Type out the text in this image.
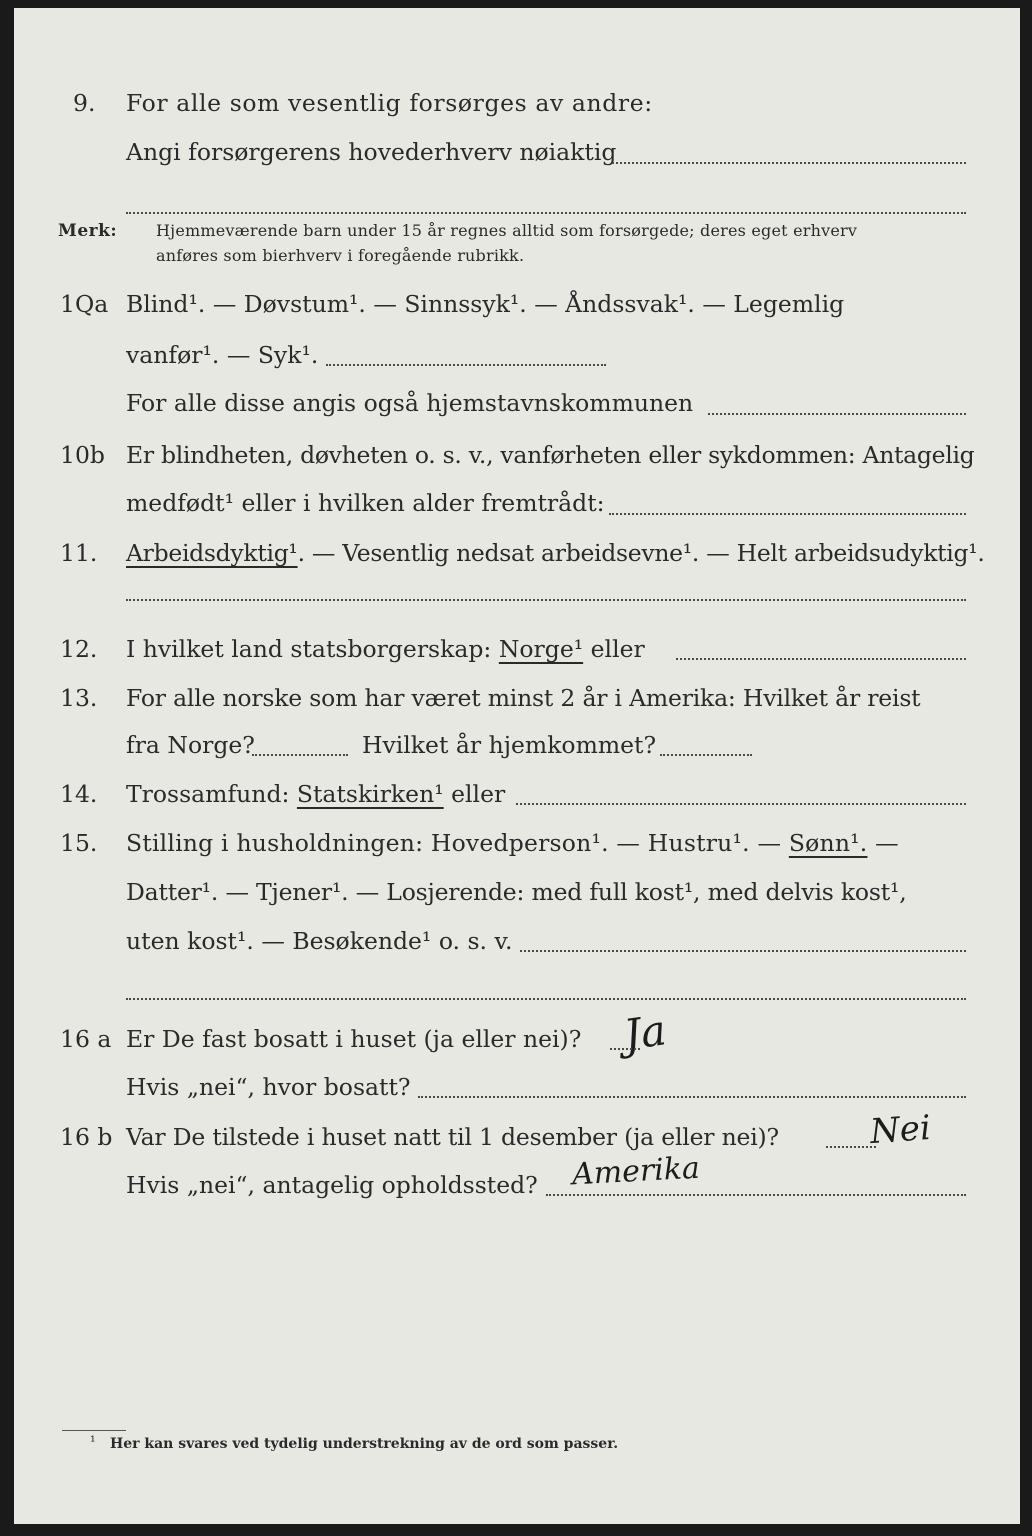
9. For alle som vesentlig forsørges av andre:
Angi forsørgerens hovederhverv nøiaktig
Merk: Hjemmeværende barn under 15 år regnes alltid som forsørgede; deres eget erhverv
anføres som bierhverv i foregående rubrikk.
1Qa Blind¹. — Døvstum¹. — Sinnssyk¹. — Åndssvak¹. — Legemlig
vanfør¹. — Syk¹.
For alle disse angis også hjemstavnskommunen
10b Er blindheten, døvheten o. s. v., vanførheten eller sykdommen: Antagelig
medfødt¹ eller i hvilken alder fremtrådt:
11. Arbeidsdyktig¹. — Vesentlig nedsat arbeidsevne¹. — Helt arbeidsudyktig¹.
12. I hvilket land statsborgerskap: Norge¹ eller
13. For alle norske som har været minst 2 år i Amerika: Hvilket år reist
fra Norge?	Hvilket år hjemkommet?
14. Trossamfund: Statskirken¹ eller
15. Stilling i husholdningen: Hovedperson¹. — Hustru¹. — Sønn¹. —
Datter¹. — Tjener¹. — Losjerende: med full kost¹, med delvis kost¹,
uten kost¹. — Besøkende¹ o. s. v.
16 a Er De fast bosatt i huset (ja eller nei)? Ja
Hvis „nei“, hvor bosatt?
16 b Var De tilstede i huset natt til 1 desember (ja eller nei)?	Nei
Hvis „nei“, antagelig opholdssted? Amerika
¹ Her kan svares ved tydelig understrekning av de ord som passer.
